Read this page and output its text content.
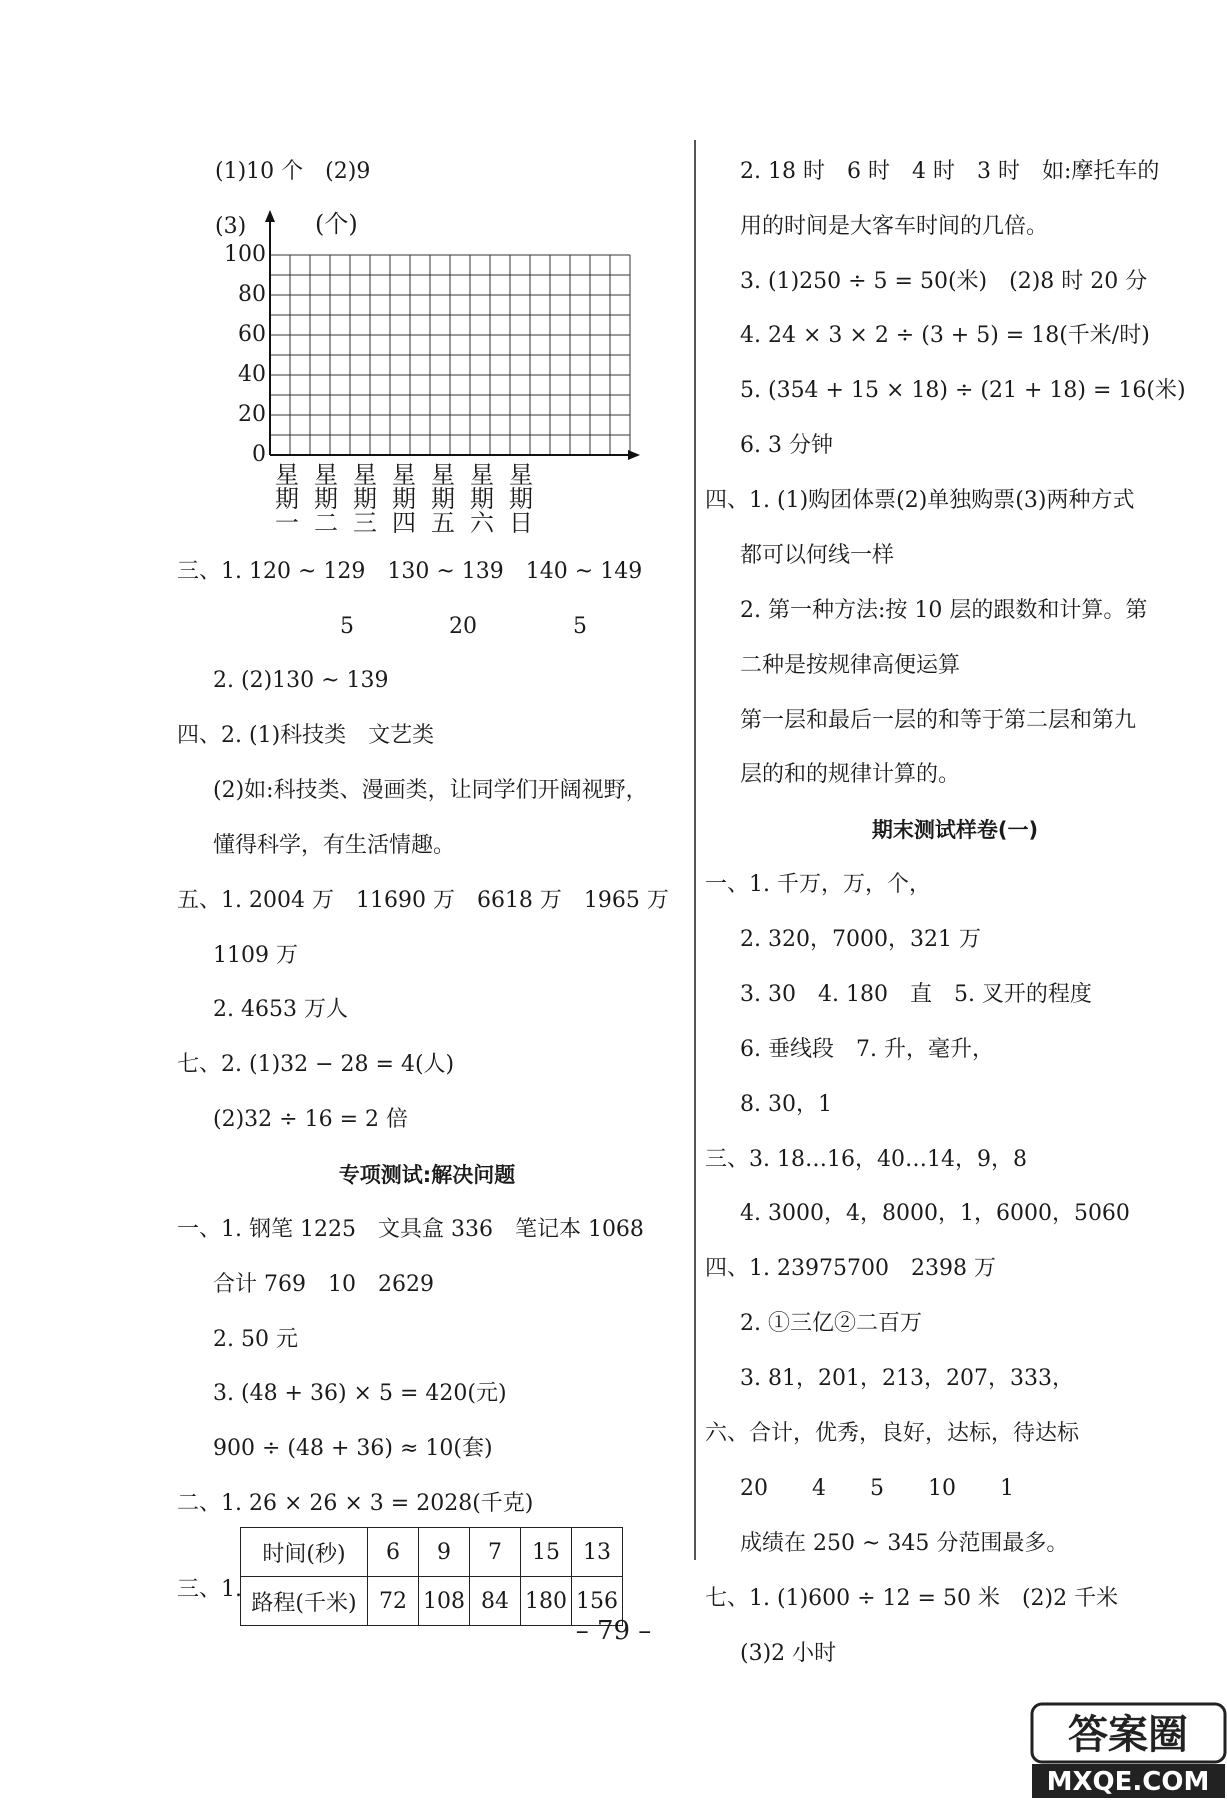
(1)10 个　(2)9
(3)	(个)
100
80
60
40
20
0
星期一
星期二
星期三
星期四
星期五
星期六
星期日
三、1. 120 ~ 129　130 ~ 139　140 ~ 149
5	20	5
2. (2)130 ~ 139
四、2. (1)科技类　文艺类
(2)如:科技类、漫画类，让同学们开阔视野，
懂得科学，有生活情趣。
五、1. 2004 万　11690 万　6618 万　1965 万
1109 万
2. 4653 万人
七、2. (1)32 − 28 = 4(人)
(2)32 ÷ 16 = 2 倍
专项测试:解决问题
一、1. 钢笔 1225　文具盒 336　笔记本 1068
合计 769　10　2629
2. 50 元
3. (48 + 36) × 5 = 420(元)
900 ÷ (48 + 36) ≈ 10(套)
二、1. 26 × 26 × 3 = 2028(千克)
三、1.
时间(秒)	6	9	7	15	13
路程(千米)	72	108	84	180	156
2. 18 时　6 时　4 时　3 时　如:摩托车的
用的时间是大客车时间的几倍。
3. (1)250 ÷ 5 = 50(米)　(2)8 时 20 分
4. 24 × 3 × 2 ÷ (3 + 5) = 18(千米/时)
5. (354 + 15 × 18) ÷ (21 + 18) = 16(米)
6. 3 分钟
四、1. (1)购团体票(2)单独购票(3)两种方式
都可以何线一样
2. 第一种方法:按 10 层的跟数和计算。第
二种是按规律高便运算
第一层和最后一层的和等于第二层和第九
层的和的规律计算的。
期末测试样卷(一)
一、1. 千万，万，个，
2. 320，7000，321 万
3. 30　4. 180　直　5. 叉开的程度
6. 垂线段　7. 升，毫升，
8. 30，1
三、3. 18…16，40…14，9，8
4. 3000，4，8000，1，6000，5060
四、1. 23975700　2398 万
2. ①三亿②二百万
3. 81，201，213，207，333，
六、合计，优秀，良好，达标，待达标
20　　4　　5　　10　　1
成绩在 250 ~ 345 分范围最多。
七、1. (1)600 ÷ 12 = 50 米　(2)2 千米
(3)2 小时
– 79 –
答案圈
MXQE.COM
